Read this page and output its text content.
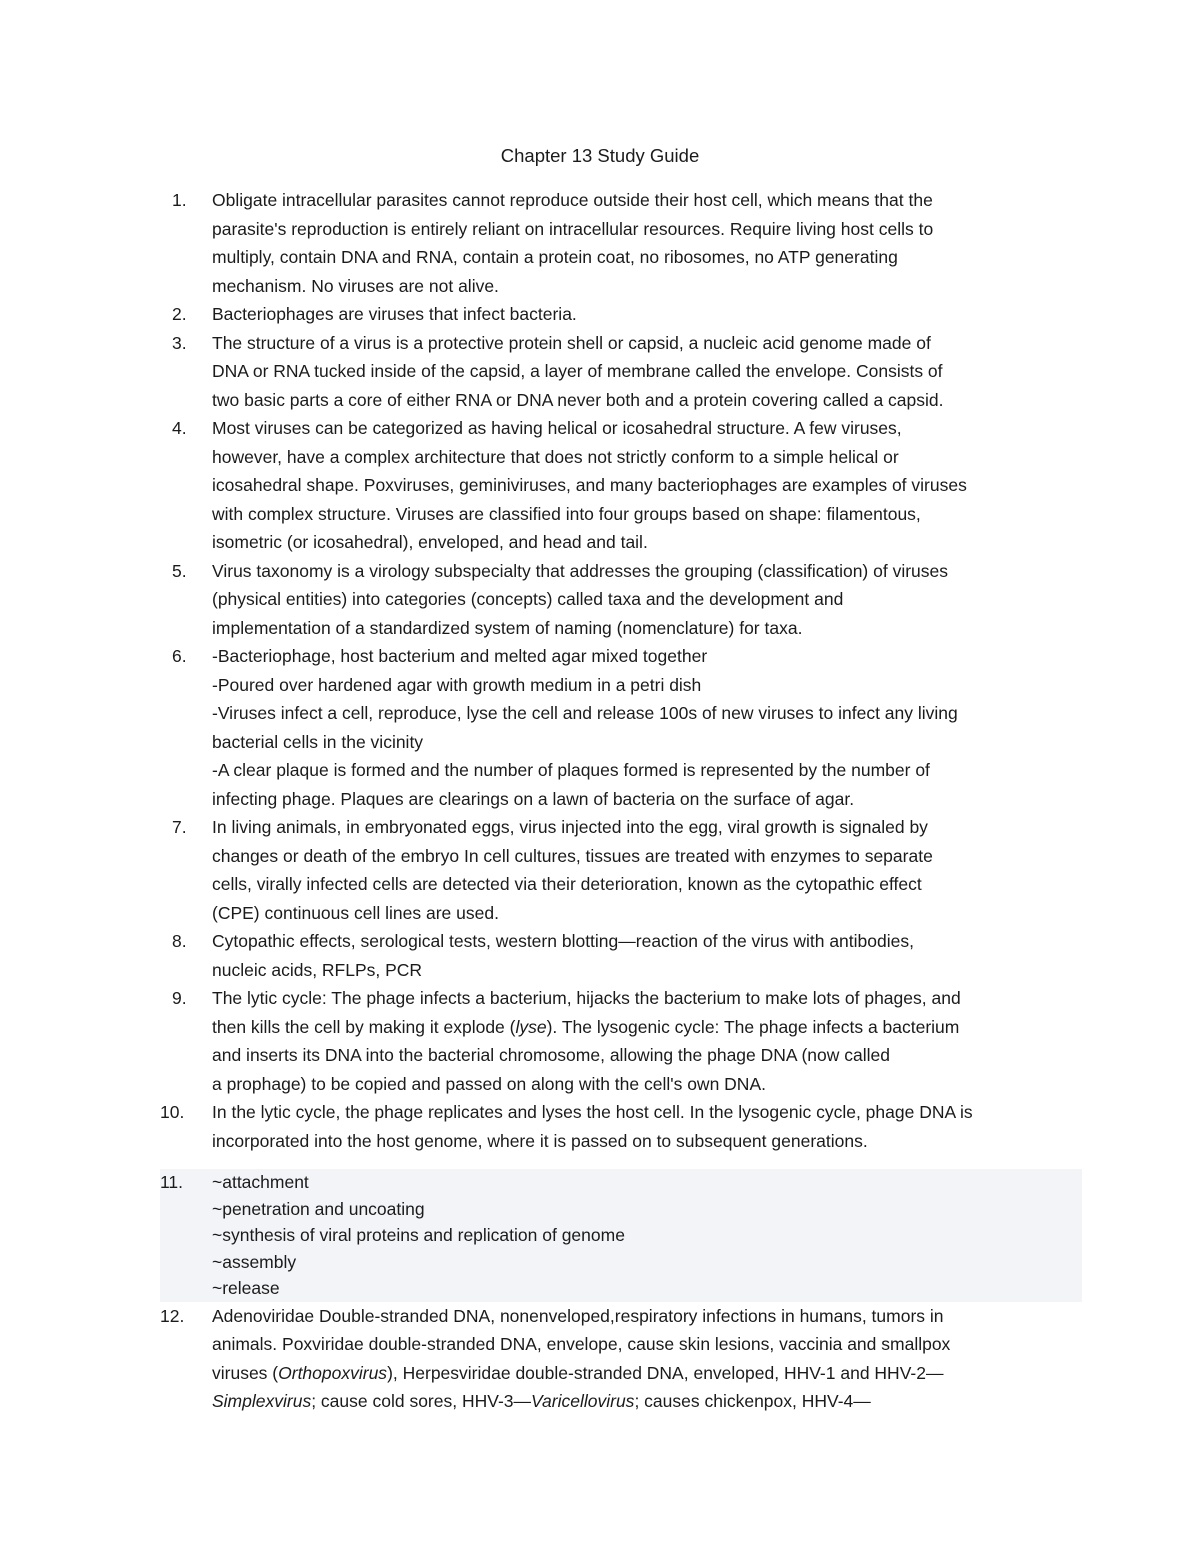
Chapter 13 Study Guide
1.	Obligate intracellular parasites cannot reproduce outside their host cell, which means that the
parasite's reproduction is entirely reliant on intracellular resources. Require living host cells to
multiply, contain DNA and RNA, contain a protein coat, no ribosomes, no ATP generating
mechanism. No viruses are not alive.
2.	Bacteriophages are viruses that infect bacteria.
3.	The structure of a virus is a protective protein shell or capsid, a nucleic acid genome made of
DNA or RNA tucked inside of the capsid, a layer of membrane called the envelope. Consists of
two basic parts a core of either RNA or DNA never both and a protein covering called a capsid.
4.	Most viruses can be categorized as having helical or icosahedral structure. A few viruses,
however, have a complex architecture that does not strictly conform to a simple helical or
icosahedral shape. Poxviruses, geminiviruses, and many bacteriophages are examples of viruses
with complex structure. Viruses are classified into four groups based on shape: filamentous,
isometric (or icosahedral), enveloped, and head and tail.
5.	Virus taxonomy is a virology subspecialty that addresses the grouping (classification) of viruses
(physical entities) into categories (concepts) called taxa and the development and
implementation of a standardized system of naming (nomenclature) for taxa.
6.	-Bacteriophage, host bacterium and melted agar mixed together
-Poured over hardened agar with growth medium in a petri dish
-Viruses infect a cell, reproduce, lyse the cell and release 100s of new viruses to infect any living
bacterial cells in the vicinity
-A clear plaque is formed and the number of plaques formed is represented by the number of
infecting phage. Plaques are clearings on a lawn of bacteria on the surface of agar.
7.	In living animals, in embryonated eggs, virus injected into the egg, viral growth is signaled by
changes or death of the embryo In cell cultures, tissues are treated with enzymes to separate
cells, virally infected cells are detected via their deterioration, known as the cytopathic effect
(CPE) continuous cell lines are used.
8.	Cytopathic effects, serological tests, western blotting—reaction of the virus with antibodies,
nucleic acids, RFLPs, PCR
9.	The lytic cycle: The phage infects a bacterium, hijacks the bacterium to make lots of phages, and
then kills the cell by making it explode (lyse). The lysogenic cycle: The phage infects a bacterium
and inserts its DNA into the bacterial chromosome, allowing the phage DNA (now called
a prophage) to be copied and passed on along with the cell's own DNA.
10.	In the lytic cycle, the phage replicates and lyses the host cell. In the lysogenic cycle, phage DNA is
incorporated into the host genome, where it is passed on to subsequent generations.
11.	~attachment
~penetration and uncoating
~synthesis of viral proteins and replication of genome
~assembly
~release
12.	Adenoviridae Double-stranded DNA, nonenveloped,respiratory infections in humans, tumors in
animals. Poxviridae double-stranded DNA, envelope, cause skin lesions, vaccinia and smallpox
viruses (Orthopoxvirus), Herpesviridae double-stranded DNA, enveloped, HHV-1 and HHV-2—
Simplexvirus; cause cold sores, HHV-3—Varicellovirus; causes chickenpox, HHV-4—
